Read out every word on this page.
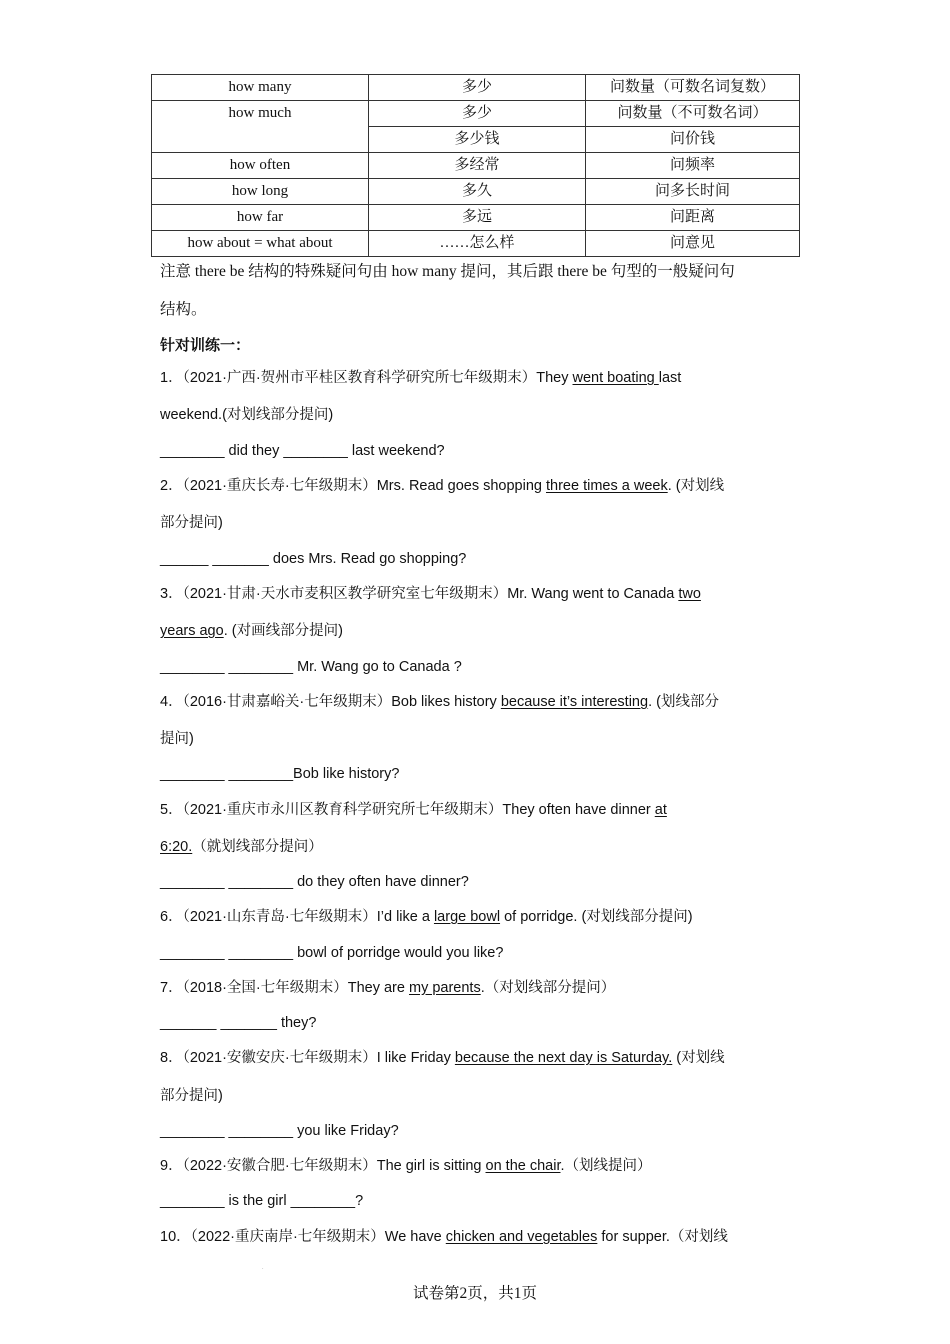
how many	多少	问数量（可数名词复数）
how much	多少	问数量（不可数名词）
	多少钱	问价钱
how often	多经常	问频率
how long	多久	问多长时间
how far	多远	问距离
how about = what about	……怎么样	问意见
注意 there be 结构的特殊疑问句由 how many 提问，其后跟 there be 句型的一般疑问句
结构。
针对训练一：
1．（2021·广西·贺州市平桂区教育科学研究所七年级期末）They went boating last
weekend.(对划线部分提问)
________ did they ________ last weekend?
2．（2021·重庆长寿·七年级期末）Mrs. Read goes shopping three times a week. (对划线
部分提问)
______ _______ does Mrs. Read go shopping?
3．（2021·甘肃·天水市麦积区教学研究室七年级期末）Mr. Wang went to Canada two
years ago. (对画线部分提问)
________ ________ Mr. Wang go to Canada ?
4．（2016·甘肃嘉峪关·七年级期末）Bob likes history because it’s interesting. (划线部分
提问)
________ ________Bob like history?
5．（2021·重庆市永川区教育科学研究所七年级期末）They often have dinner at
6:20.（就划线部分提问）
________ ________ do they often have dinner?
6．（2021·山东青岛·七年级期末）I’d like a large bowl of porridge. (对划线部分提问)
________ ________ bowl of porridge would you like?
7．（2018·全国·七年级期末）They are my parents.（对划线部分提问）
_______ _______ they?
8．（2021·安徽安庆·七年级期末）I like Friday because the next day is Saturday. (对划线
部分提问)
________ ________ you like Friday?
9．（2022·安徽合肥·七年级期末）The girl is sitting on the chair.（划线提问）
________ is the girl ________?
10．（2022·重庆南岸·七年级期末）We have chicken and vegetables for supper.（对划线
.
试卷第2页，共1页
